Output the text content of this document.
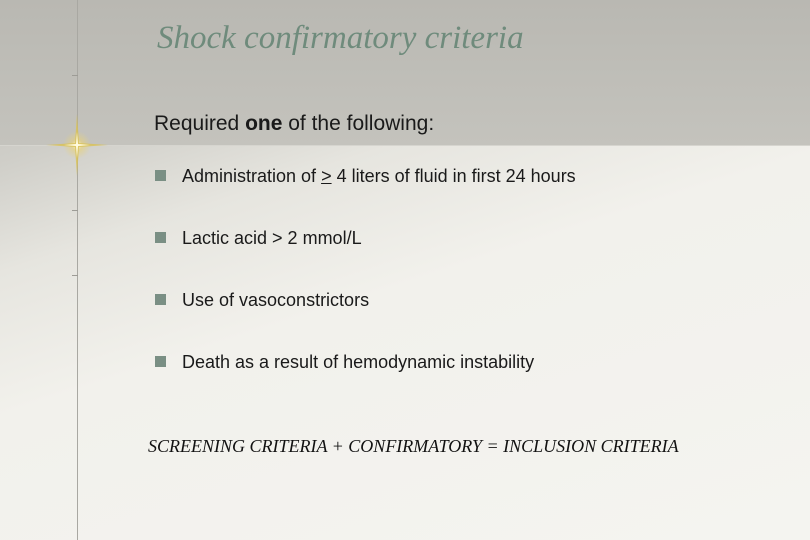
Shock confirmatory criteria
Required one of the following:
Administration of ≥ 4 liters of fluid in first 24 hours
Lactic acid > 2 mmol/L
Use of vasoconstrictors
Death as a result of hemodynamic instability
SCREENING CRITERIA + CONFIRMATORY = INCLUSION CRITERIA
